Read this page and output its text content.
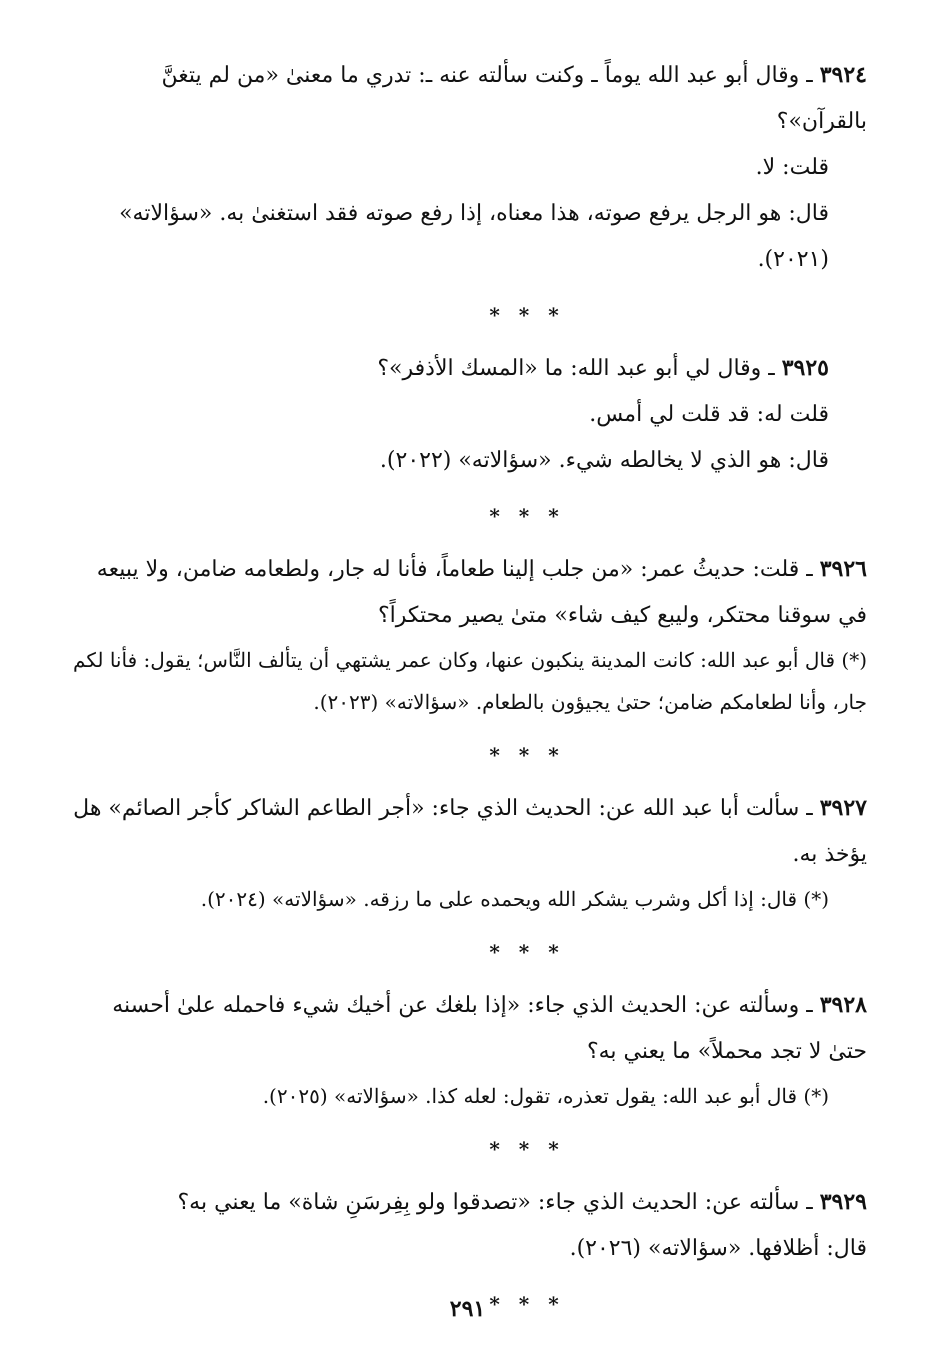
٣٩٢٤ ـ وقال أبو عبد الله يوماً ـ وكنت سألته عنه ـ: تدري ما معنىٰ «من لم يتغنَّ بالقرآن»؟

قلت: لا.

قال: هو الرجل يرفع صوته، هذا معناه، إذا رفع صوته فقد استغنىٰ به. «سؤالاته» (٢٠٢١).

* * *

٣٩٢٥ ـ وقال لي أبو عبد الله: ما «المسك الأذفر»؟

قلت له: قد قلت لي أمس.

قال: هو الذي لا يخالطه شيء. «سؤالاته» (٢٠٢٢).

* * *

٣٩٢٦ ـ قلت: حديثُ عمر: «من جلب إلينا طعاماً، فأنا له جار، ولطعامه ضامن، ولا يبيعه في سوقنا محتكر، وليبع كيف شاء» متىٰ يصير محتكراً؟

(*) قال أبو عبد الله: كانت المدينة ينكبون عنها، وكان عمر يشتهي أن يتألف النَّاس؛ يقول: فأنا لكم جار، وأنا لطعامكم ضامن؛ حتىٰ يجيؤون بالطعام. «سؤالاته» (٢٠٢٣).

* * *

٣٩٢٧ ـ سألت أبا عبد الله عن: الحديث الذي جاء: «أجر الطاعم الشاكر كأجر الصائم» هل يؤخذ به.

(*) قال: إذا أكل وشرب يشكر الله ويحمده على ما رزقه. «سؤالاته» (٢٠٢٤).

* * *

٣٩٢٨ ـ وسألته عن: الحديث الذي جاء: «إذا بلغك عن أخيك شيء فاحمله علىٰ أحسنه حتىٰ لا تجد محملاً» ما يعني به؟

(*) قال أبو عبد الله: يقول تعذره، تقول: لعله كذا. «سؤالاته» (٢٠٢٥).

* * *

٣٩٢٩ ـ سألته عن: الحديث الذي جاء: «تصدقوا ولو بِفِرسَنِ شاة» ما يعني به؟

قال: أظلافها. «سؤالاته» (٢٠٢٦).

* * *
٢٩١
